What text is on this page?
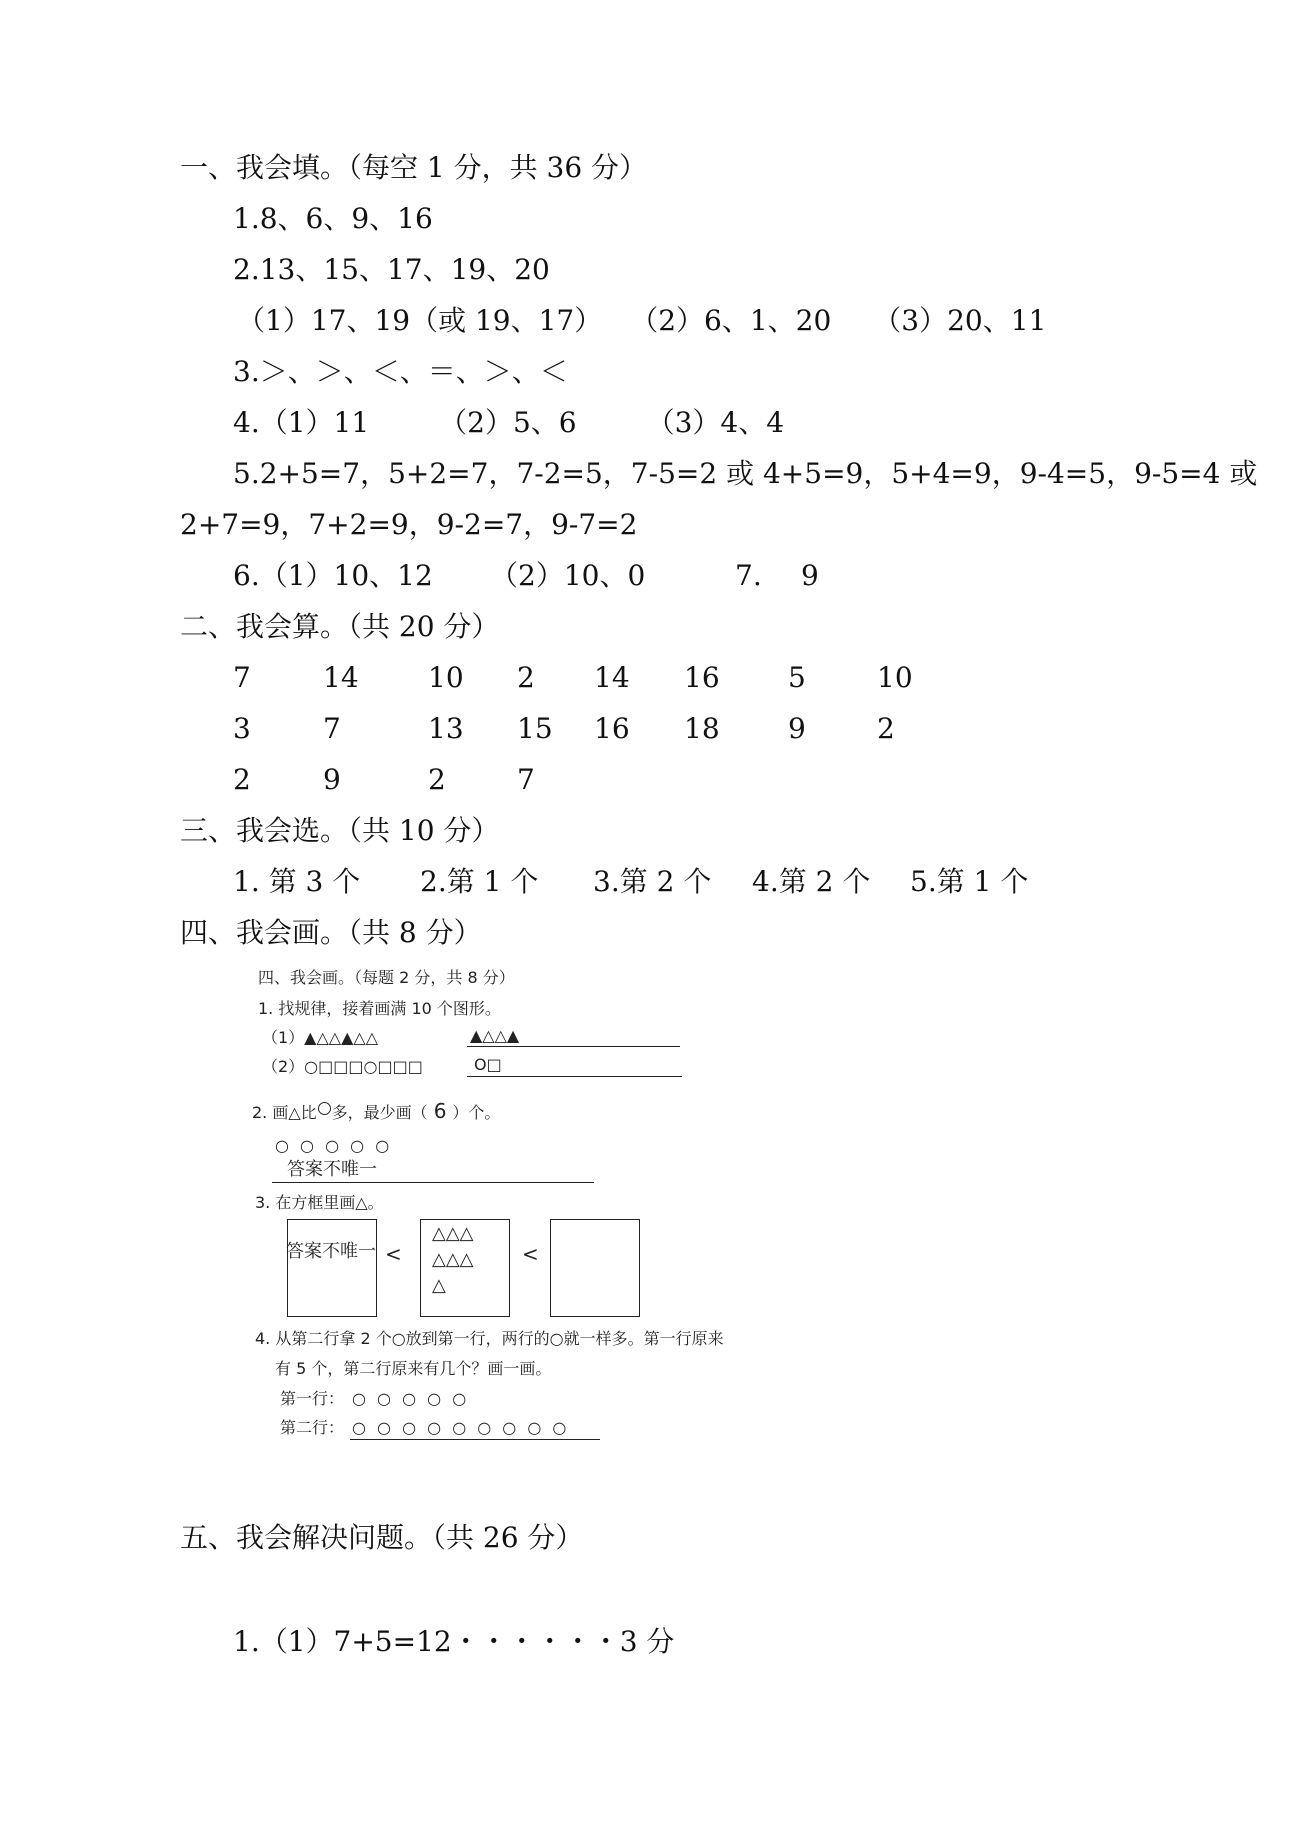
一、我会填。（每空 1 分，共 36 分）
1.8、6、9、16
2.13、15、17、19、20
（1）17、19（或 19、17）　　（2）6、1、20　　（3）20、11
3.＞、＞、＜、＝、＞、＜
4.（1）11　　　（2）5、6　　　（3）4、4
5.2+5=7，5+2=7，7-2=5，7-5=2 或 4+5=9，5+4=9，9-4=5，9-5=4 或
2+7=9，7+2=9，9-2=7，9-7=2
6.（1）10、12 （2）10、0	7. 9
二、我会算。（共 20 分）
7	14 10 2 14 16 5	10
3	7	13 15 16 18 9	2
2	9	2	7
三、我会选。（共 10 分）
1. 第 3 个 2.第 1 个 3.第 2 个 4.第 2 个 5.第 1 个
四、我会画。（共 8 分）
四、我会画。（每题 2 分，共 8 分）
1. 找规律，接着画满 10 个图形。
（1）▲△△▲△△	▲△△▲
（2）○□□□○□□□	O□
2. 画△比 多，最少画（ 6 ）个。
○ ○ ○ ○ ○
答案不唯一
3. 在方框里画△。
答案不唯一 <
△△△
△△△
△
<
4. 从第二行拿 2 个○放到第一行，两行的○就一样多。第一行原来
有 5 个，第二行原来有几个？画一画。
第一行： ○ ○ ○ ○ ○
第二行： ○ ○ ○ ○ ○ ○ ○ ○ ○
五、我会解决问题。（共 26 分）
1.（1）7+5=12・・・・・・3 分
